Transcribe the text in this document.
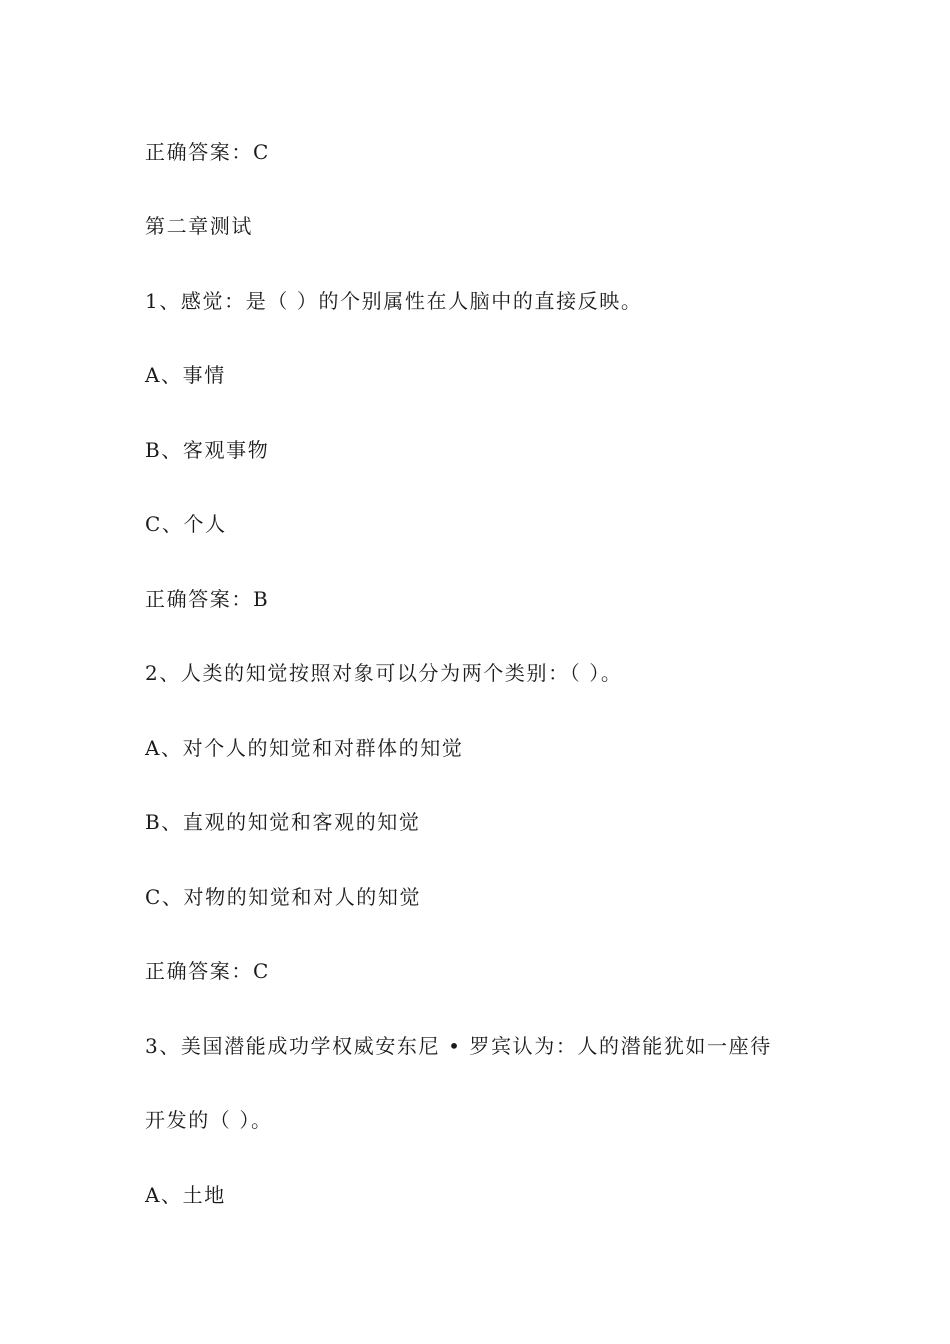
正确答案：C

第二章测试

1、感觉：是（ ）的个别属性在人脑中的直接反映。

A、事情

B、客观事物

C、个人

正确答案：B

2、人类的知觉按照对象可以分为两个类别：（ ）。

A、对个人的知觉和对群体的知觉

B、直观的知觉和客观的知觉

C、对物的知觉和对人的知觉

正确答案：C

3、美国潜能成功学权威安东尼 • 罗宾认为：人的潜能犹如一座待

开发的（ ）。

A、土地
